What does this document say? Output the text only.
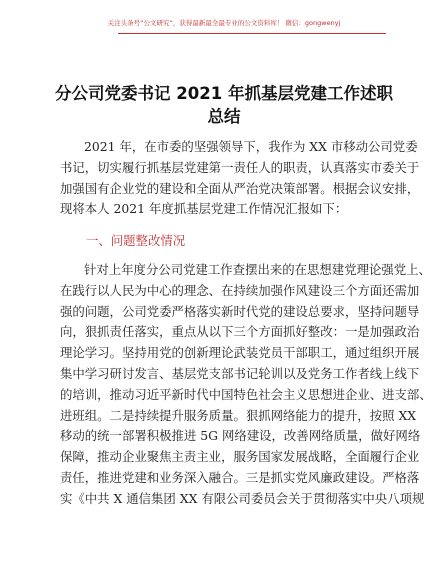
关注头条号“公文研究”，获得最新最全最专业的公文资料库！ 微信：gongwenyj
分公司党委书记 2021 年抓基层党建工作述职
总结
2021 年，在市委的坚强领导下，我作为 XX 市移动公司党委
书记，切实履行抓基层党建第一责任人的职责，认真落实市委关于
加强国有企业党的建设和全面从严治党决策部署。根据会议安排，
现将本人 2021 年度抓基层党建工作情况汇报如下：
一、问题整改情况
针对上年度分公司党建工作查摆出来的在思想建党理论强党上、
在践行以人民为中心的理念、在持续加强作风建设三个方面还需加
强的问题，公司党委严格落实新时代党的建设总要求，坚持问题导
向，狠抓责任落实，重点从以下三个方面抓好整改：一是加强政治
理论学习。坚持用党的创新理论武装党员干部职工，通过组织开展
集中学习研讨发言、基层党支部书记轮训以及党务工作者线上线下
的培训，推动习近平新时代中国特色社会主义思想进企业、进支部、
进班组。二是持续提升服务质量。狠抓网络能力的提升，按照 XX
移动的统一部署积极推进 5G 网络建设，改善网络质量，做好网络
保障，推动企业聚焦主责主业，服务国家发展战略，全面履行企业
责任，推进党建和业务深入融合。三是抓实党风廉政建设。严格落
实《中共 X 通信集团 XX 有限公司委员会关于贯彻落实中央八项规
